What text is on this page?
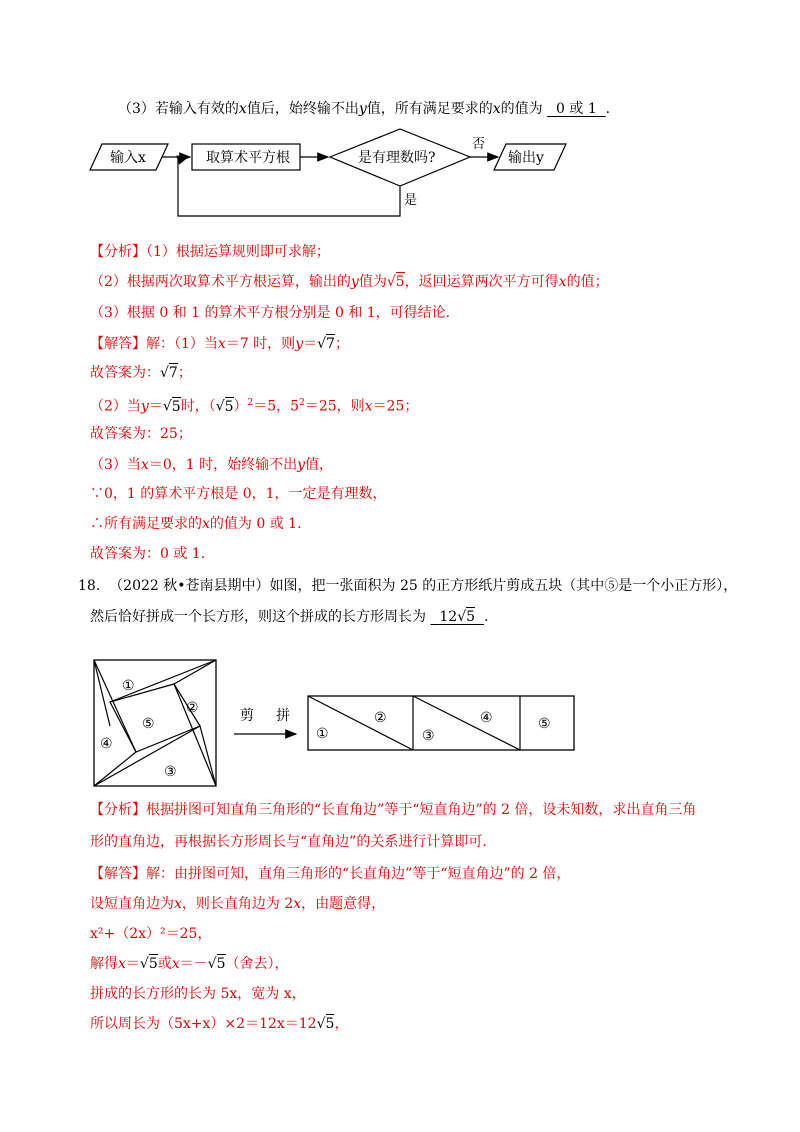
（3）若输入有效的x值后，始终输不出y值，所有满足要求的x的值为 0 或 1 .
输入x	取算术平方根	是有理数吗?
否
输出y
是
【分析】（1）根据运算规则即可求解；
（2）根据两次取算术平方根运算，输出的y值为√5，返回运算两次平方可得x的值；
（3）根据 0 和 1 的算术平方根分别是 0 和 1，可得结论.
【解答】解：（1）当x＝7 时，则y＝√7；
故答案为：√7；
（2）当y＝√5时，$(√5)^2=5$，$5^2=25$，则x＝25；
故答案为：25；
（3）当x＝0，1 时，始终输不出y值，
∵0，1 的算术平方根是 0，1，一定是有理数，
∴所有满足要求的x的值为 0 或 1.
故答案为：0 或 1.
18. （2022 秋•苍南县期中）如图，把一张面积为 25 的正方形纸片剪成五块（其中⑤是一个小正方形），
然后恰好拼成一个长方形，则这个拼成的长方形周长为 12√5 .
①
②
③
④
⑤	剪 拼
①
②
③
④	⑤
【分析】根据拼图可知直角三角形的“长直角边”等于“短直角边”的 2 倍，设未知数，求出直角三角
形的直角边，再根据长方形周长与“直角边”的关系进行计算即可.
【解答】解：由拼图可知，直角三角形的“长直角边”等于“短直角边”的 2 倍，
设短直角边为x，则长直角边为 2x，由题意得，
x²+（2x）²＝25，
解得x＝√5或x＝－√5（舍去），
拼成的长方形的长为 5x，宽为 x，
所以周长为（5x+x）×2＝12x＝12√5，
